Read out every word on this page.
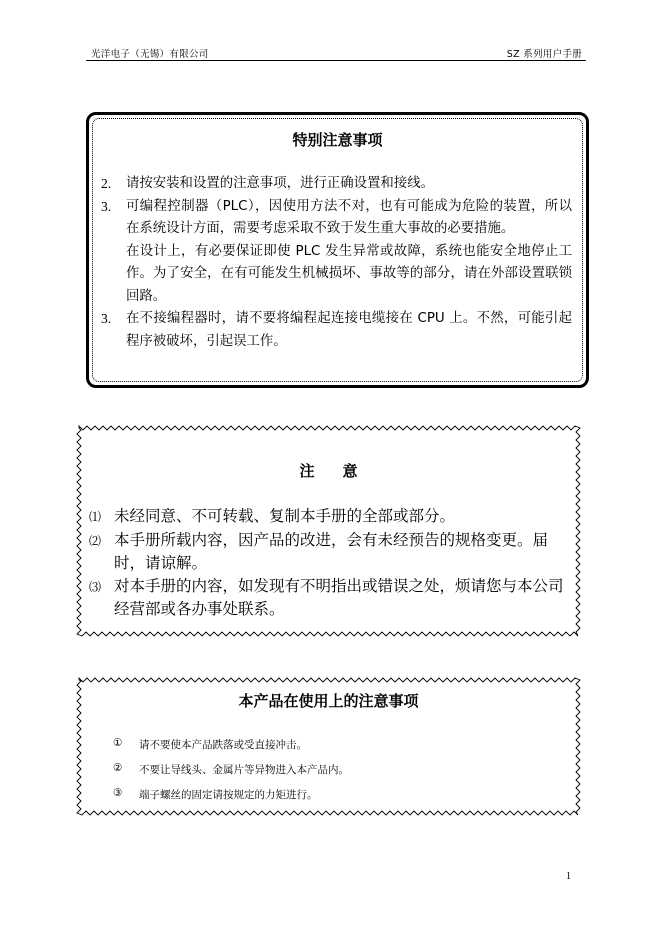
光洋电子（无锡）有限公司	SZ 系列用户手册
特别注意事项
2.	请按安装和设置的注意事项，进行正确设置和接线。
3.	可编程控制器（PLC），因使用方法不对，也有可能成为危险的装置，所以在系统设计方面，需要考虑采取不致于发生重大事故的必要措施。
在设计上，有必要保证即使 PLC 发生异常或故障，系统也能安全地停止工作。为了安全，在有可能发生机械损坏、事故等的部分，请在外部设置联锁回路。
3.	在不接编程器时，请不要将编程起连接电缆接在 CPU 上。不然，可能引起程序被破坏，引起误工作。
注意
⑴ 未经同意、不可转载、复制本手册的全部或部分。
⑵ 本手册所载内容，因产品的改进，会有未经预告的规格变更。届时，请谅解。
⑶ 对本手册的内容，如发现有不明指出或错误之处，烦请您与本公司经营部或各办事处联系。
本产品在使用上的注意事项
①	请不要使本产品跌落或受直接冲击。
②	不要让导线头、金属片等异物进入本产品内。
③	端子螺丝的固定请按规定的力矩进行。
1
